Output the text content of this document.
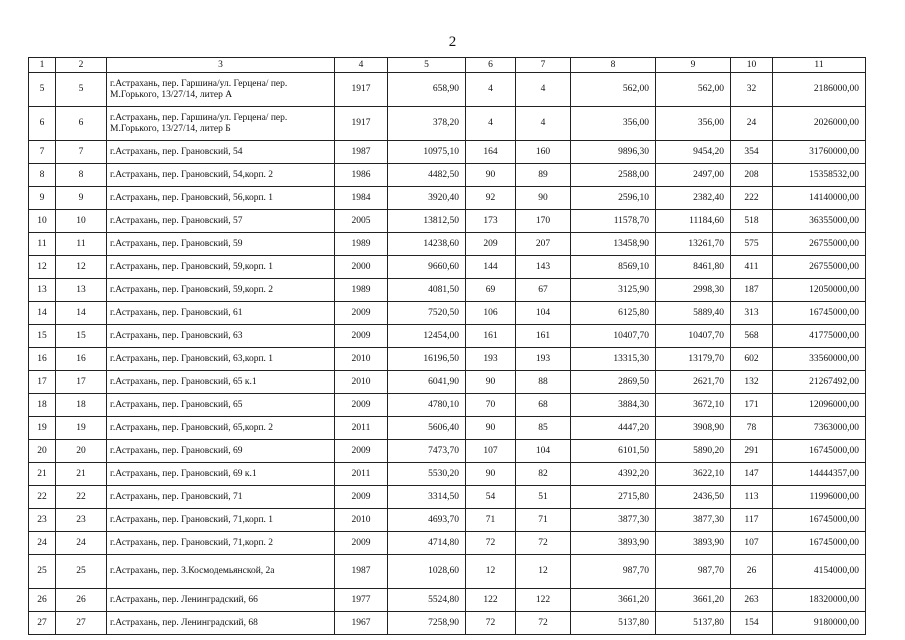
2
1	2	3	4	5	6	7	8	9	10	11
5	5	г.Астрахань, пер. Гаршина/ул. Герцена/ пер. М.Горького, 13/27/14, литер А	1917	658,90	4	4	562,00	562,00	32	2186000,00
6	6	г.Астрахань, пер. Гаршина/ул. Герцена/ пер. М.Горького, 13/27/14, литер Б	1917	378,20	4	4	356,00	356,00	24	2026000,00
7	7	г.Астрахань, пер. Грановский, 54	1987	10975,10	164	160	9896,30	9454,20	354	31760000,00
8	8	г.Астрахань, пер. Грановский, 54,корп. 2	1986	4482,50	90	89	2588,00	2497,00	208	15358532,00
9	9	г.Астрахань, пер. Грановский, 56,корп. 1	1984	3920,40	92	90	2596,10	2382,40	222	14140000,00
10	10	г.Астрахань, пер. Грановский, 57	2005	13812,50	173	170	11578,70	11184,60	518	36355000,00
11	11	г.Астрахань, пер. Грановский, 59	1989	14238,60	209	207	13458,90	13261,70	575	26755000,00
12	12	г.Астрахань, пер. Грановский, 59,корп. 1	2000	9660,60	144	143	8569,10	8461,80	411	26755000,00
13	13	г.Астрахань, пер. Грановский, 59,корп. 2	1989	4081,50	69	67	3125,90	2998,30	187	12050000,00
14	14	г.Астрахань, пер. Грановский, 61	2009	7520,50	106	104	6125,80	5889,40	313	16745000,00
15	15	г.Астрахань, пер. Грановский, 63	2009	12454,00	161	161	10407,70	10407,70	568	41775000,00
16	16	г.Астрахань, пер. Грановский, 63,корп. 1	2010	16196,50	193	193	13315,30	13179,70	602	33560000,00
17	17	г.Астрахань, пер. Грановский, 65 к.1	2010	6041,90	90	88	2869,50	2621,70	132	21267492,00
18	18	г.Астрахань, пер. Грановский, 65	2009	4780,10	70	68	3884,30	3672,10	171	12096000,00
19	19	г.Астрахань, пер. Грановский, 65,корп. 2	2011	5606,40	90	85	4447,20	3908,90	78	7363000,00
20	20	г.Астрахань, пер. Грановский, 69	2009	7473,70	107	104	6101,50	5890,20	291	16745000,00
21	21	г.Астрахань, пер. Грановский, 69 к.1	2011	5530,20	90	82	4392,20	3622,10	147	14444357,00
22	22	г.Астрахань, пер. Грановский, 71	2009	3314,50	54	51	2715,80	2436,50	113	11996000,00
23	23	г.Астрахань, пер. Грановский, 71,корп. 1	2010	4693,70	71	71	3877,30	3877,30	117	16745000,00
24	24	г.Астрахань, пер. Грановский, 71,корп. 2	2009	4714,80	72	72	3893,90	3893,90	107	16745000,00
25	25	г.Астрахань, пер. З.Космодемьянской, 2а	1987	1028,60	12	12	987,70	987,70	26	4154000,00
26	26	г.Астрахань, пер. Ленинградский, 66	1977	5524,80	122	122	3661,20	3661,20	263	18320000,00
27	27	г.Астрахань, пер. Ленинградский, 68	1967	7258,90	72	72	5137,80	5137,80	154	9180000,00
